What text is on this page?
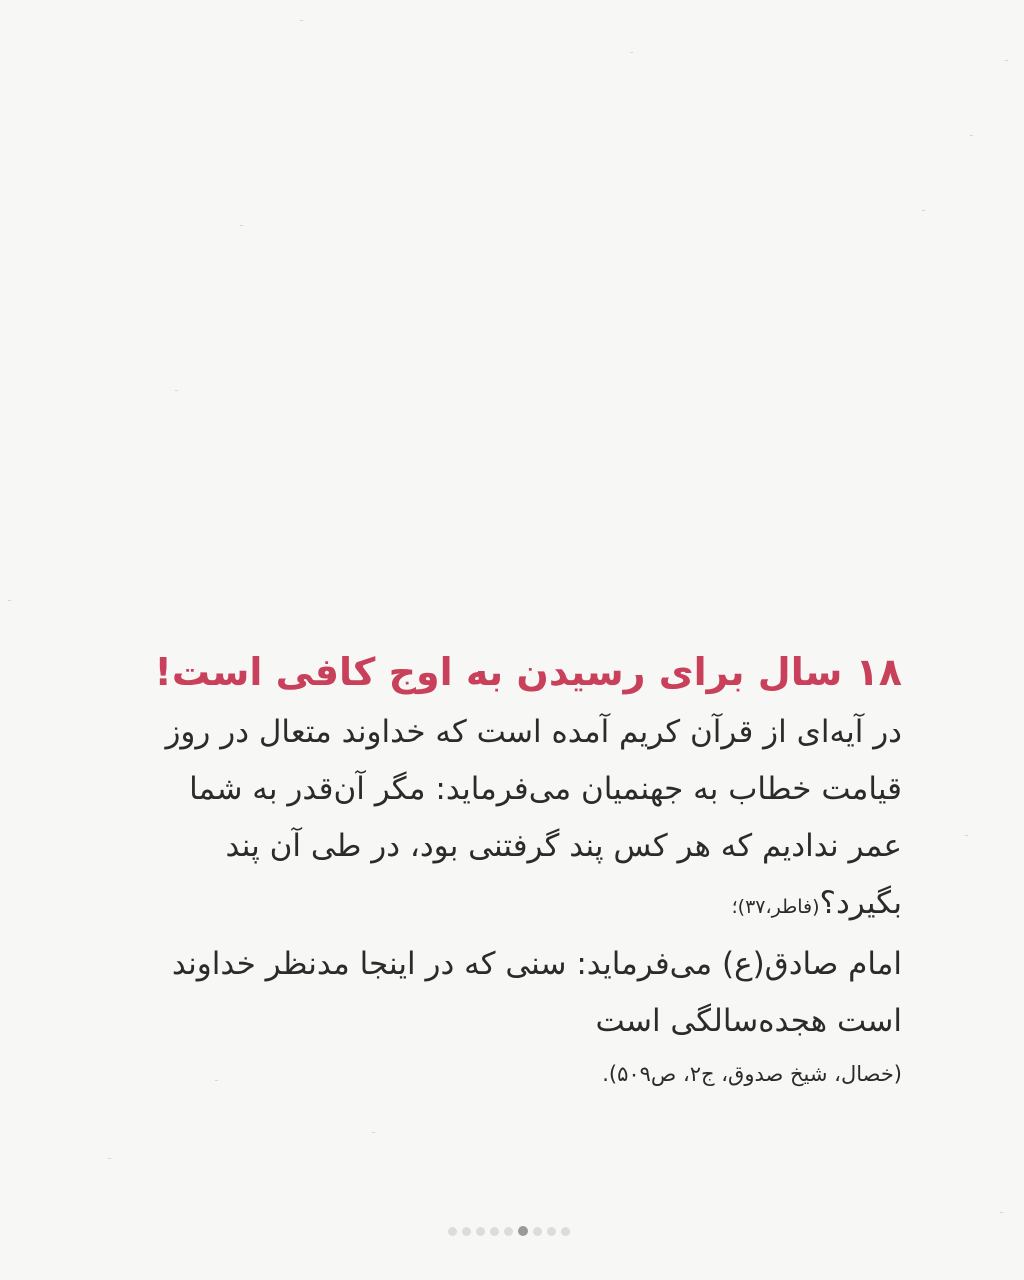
۱۸ سال برای رسیدن به اوج کافی است!

در آیه‌ای از قرآن کریم آمده است که خداوند متعال در روز

قیامت خطاب به جهنمیان می‌فرماید: مگر آن‌قدر به شما

عمر ندادیم که هر کس پند گرفتنی بود، در طی آن پند

بگیرد؟(فاطر،۳۷)؛

امام صادق(ع) می‌فرماید: سنی که در اینجا مدنظر خداوند

است هجده‌سالگی است

(خصال، شیخ صدوق، ج۲، ص۵۰۹).
